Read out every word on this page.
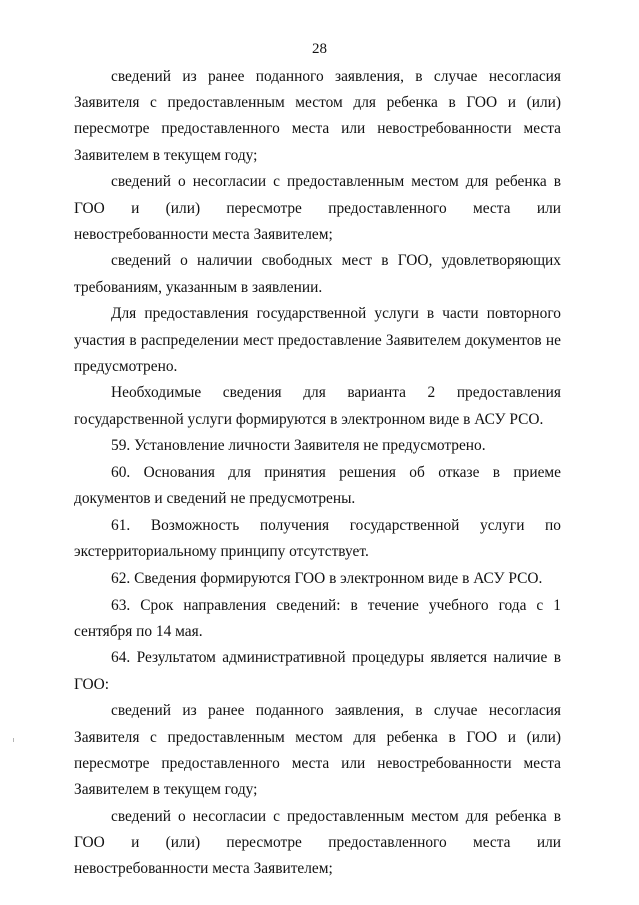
28

сведений из ранее поданного заявления, в случае несогласия Заявителя с предоставленным местом для ребенка в ГОО и (или) пересмотре предоставленного места или невостребованности места Заявителем в текущем году;

сведений о несогласии с предоставленным местом для ребенка в ГОО и (или) пересмотре предоставленного места или невостребованности места Заявителем;

сведений о наличии свободных мест в ГОО, удовлетворяющих требованиям, указанным в заявлении.

Для предоставления государственной услуги в части повторного участия в распределении мест предоставление Заявителем документов не предусмотрено.

Необходимые сведения для варианта 2 предоставления государственной услуги формируются в электронном виде в АСУ РСО.

59. Установление личности Заявителя не предусмотрено.

60. Основания для принятия решения об отказе в приеме документов и сведений не предусмотрены.

61. Возможность получения государственной услуги по экстерриториальному принципу отсутствует.

62. Сведения формируются ГОО в электронном виде в АСУ РСО.

63. Срок направления сведений: в течение учебного года с 1 сентября по 14 мая.

64. Результатом административной процедуры является наличие в ГОО:

сведений из ранее поданного заявления, в случае несогласия Заявителя с предоставленным местом для ребенка в ГОО и (или) пересмотре предоставленного места или невостребованности места Заявителем в текущем году;

сведений о несогласии с предоставленным местом для ребенка в ГОО и (или) пересмотре предоставленного места или невостребованности места Заявителем;
